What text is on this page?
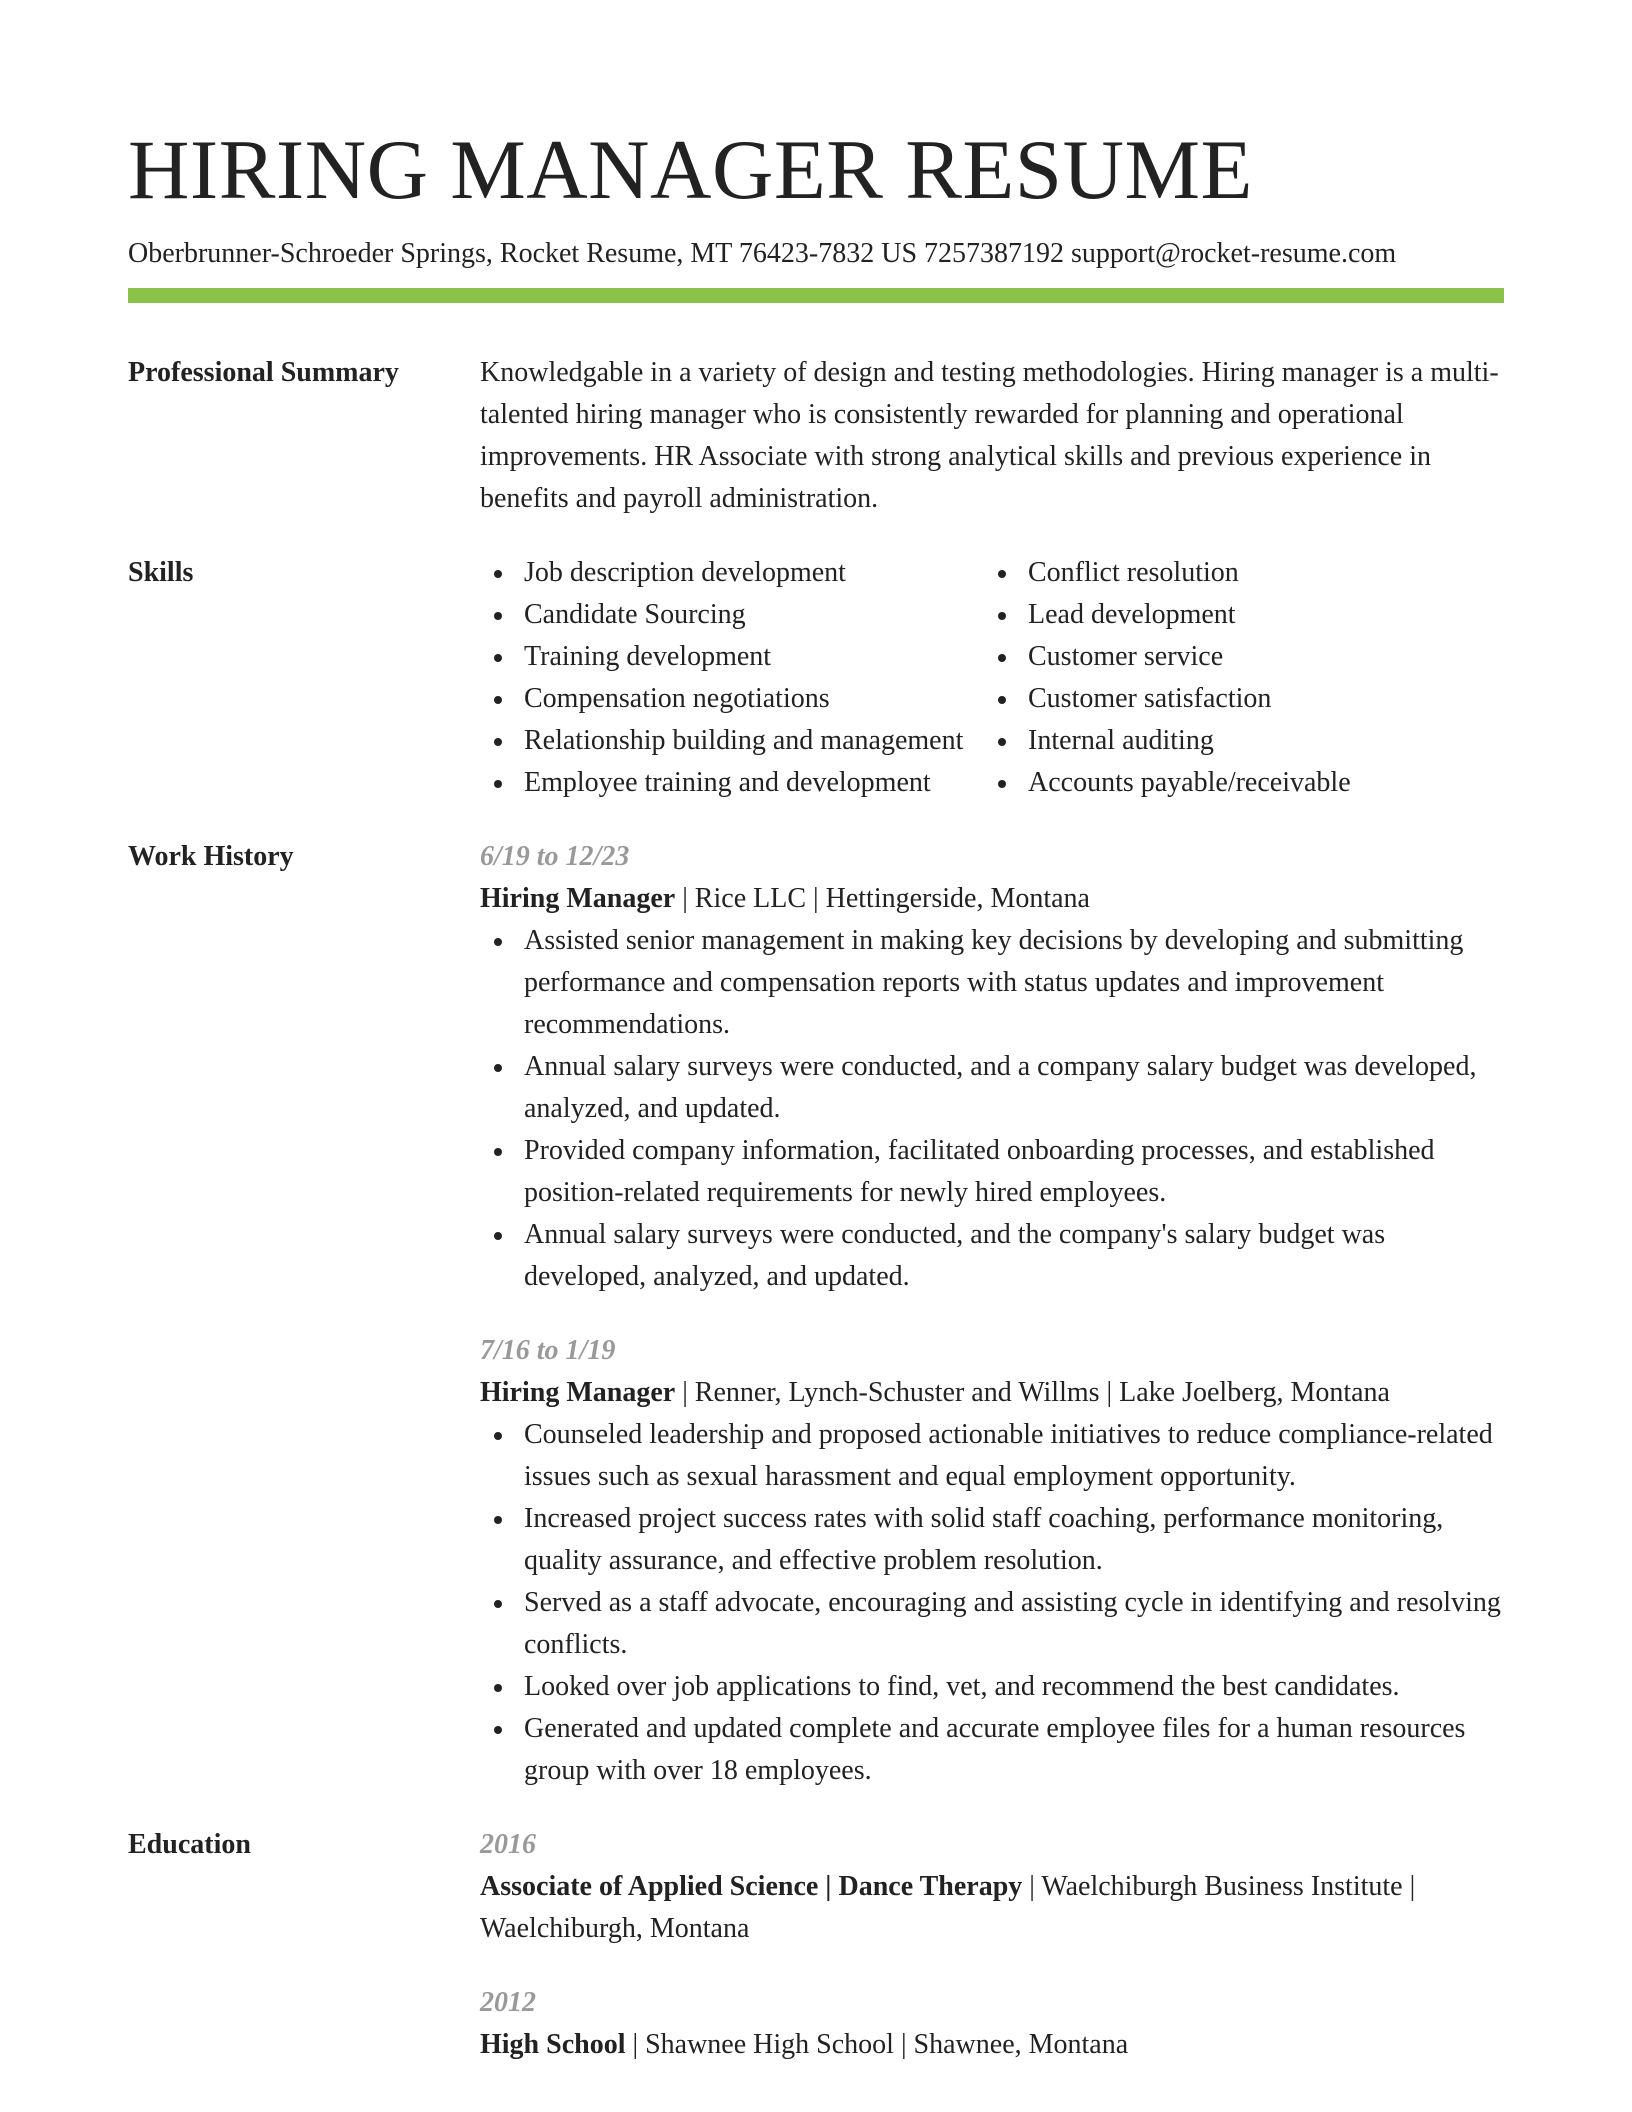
HIRING MANAGER RESUME
Oberbrunner-Schroeder Springs, Rocket Resume, MT 76423-7832 US 7257387192 support@rocket-resume.com
Professional Summary	Knowledgable in a variety of design and testing methodologies. Hiring manager is a multi-talented hiring manager who is consistently rewarded for planning and operational improvements. HR Associate with strong analytical skills and previous experience in benefits and payroll administration.
Skills	Job description development
Candidate Sourcing
Training development
Compensation negotiations
Relationship building and management
Employee training and development
Conflict resolution
Lead development
Customer service
Customer satisfaction
Internal auditing
Accounts payable/receivable
Work History	6/19 to 12/23
Hiring Manager | Rice LLC | Hettingerside, Montana
Assisted senior management in making key decisions by developing and submitting performance and compensation reports with status updates and improvement recommendations.
Annual salary surveys were conducted, and a company salary budget was developed, analyzed, and updated.
Provided company information, facilitated onboarding processes, and established position-related requirements for newly hired employees.
Annual salary surveys were conducted, and the company's salary budget was developed, analyzed, and updated.
7/16 to 1/19
Hiring Manager | Renner, Lynch-Schuster and Willms | Lake Joelberg, Montana
Counseled leadership and proposed actionable initiatives to reduce compliance-related issues such as sexual harassment and equal employment opportunity.
Increased project success rates with solid staff coaching, performance monitoring, quality assurance, and effective problem resolution.
Served as a staff advocate, encouraging and assisting cycle in identifying and resolving conflicts.
Looked over job applications to find, vet, and recommend the best candidates.
Generated and updated complete and accurate employee files for a human resources group with over 18 employees.
Education	2016
Associate of Applied Science | Dance Therapy | Waelchiburgh Business Institute | Waelchiburgh, Montana
2012
High School | Shawnee High School | Shawnee, Montana
